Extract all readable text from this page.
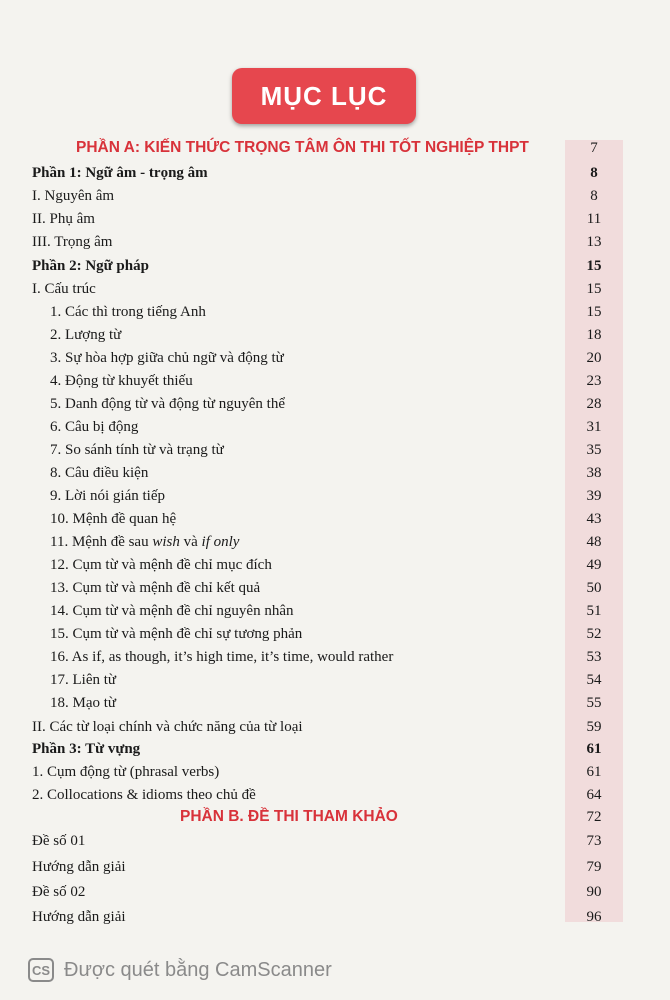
MỤC LỤC
PHẦN A: KIẾN THỨC TRỌNG TÂM ÔN THI TỐT NGHIỆP THPT	7
Phần 1: Ngữ âm - trọng âm	8
I. Nguyên âm	8
II. Phụ âm	11
III. Trọng âm	13
Phần 2: Ngữ pháp	15
I. Cấu trúc	15
1. Các thì trong tiếng Anh	15
2. Lượng từ	18
3. Sự hòa hợp giữa chủ ngữ và động từ	20
4. Động từ khuyết thiếu	23
5. Danh động từ và động từ nguyên thể	28
6. Câu bị động	31
7. So sánh tính từ và trạng từ	35
8. Câu điều kiện	38
9. Lời nói gián tiếp	39
10. Mệnh đề quan hệ	43
11. Mệnh đề sau wish và if only	48
12. Cụm từ và mệnh đề chỉ mục đích	49
13. Cụm từ và mệnh đề chỉ kết quả	50
14. Cụm từ và mệnh đề chỉ nguyên nhân	51
15. Cụm từ và mệnh đề chỉ sự tương phản	52
16. As if, as though, it’s high time, it’s time, would rather	53
17. Liên từ	54
18. Mạo từ	55
II. Các từ loại chính và chức năng của từ loại	59
Phần 3: Từ vựng	61
1. Cụm động từ (phrasal verbs)	61
2. Collocations & idioms theo chủ đề	64
PHẦN B. ĐỀ THI THAM KHẢO	72
Đề số 01	73
Hướng dẫn giải	79
Đề số 02	90
Hướng dẫn giải	96
CS Được quét bằng CamScanner
